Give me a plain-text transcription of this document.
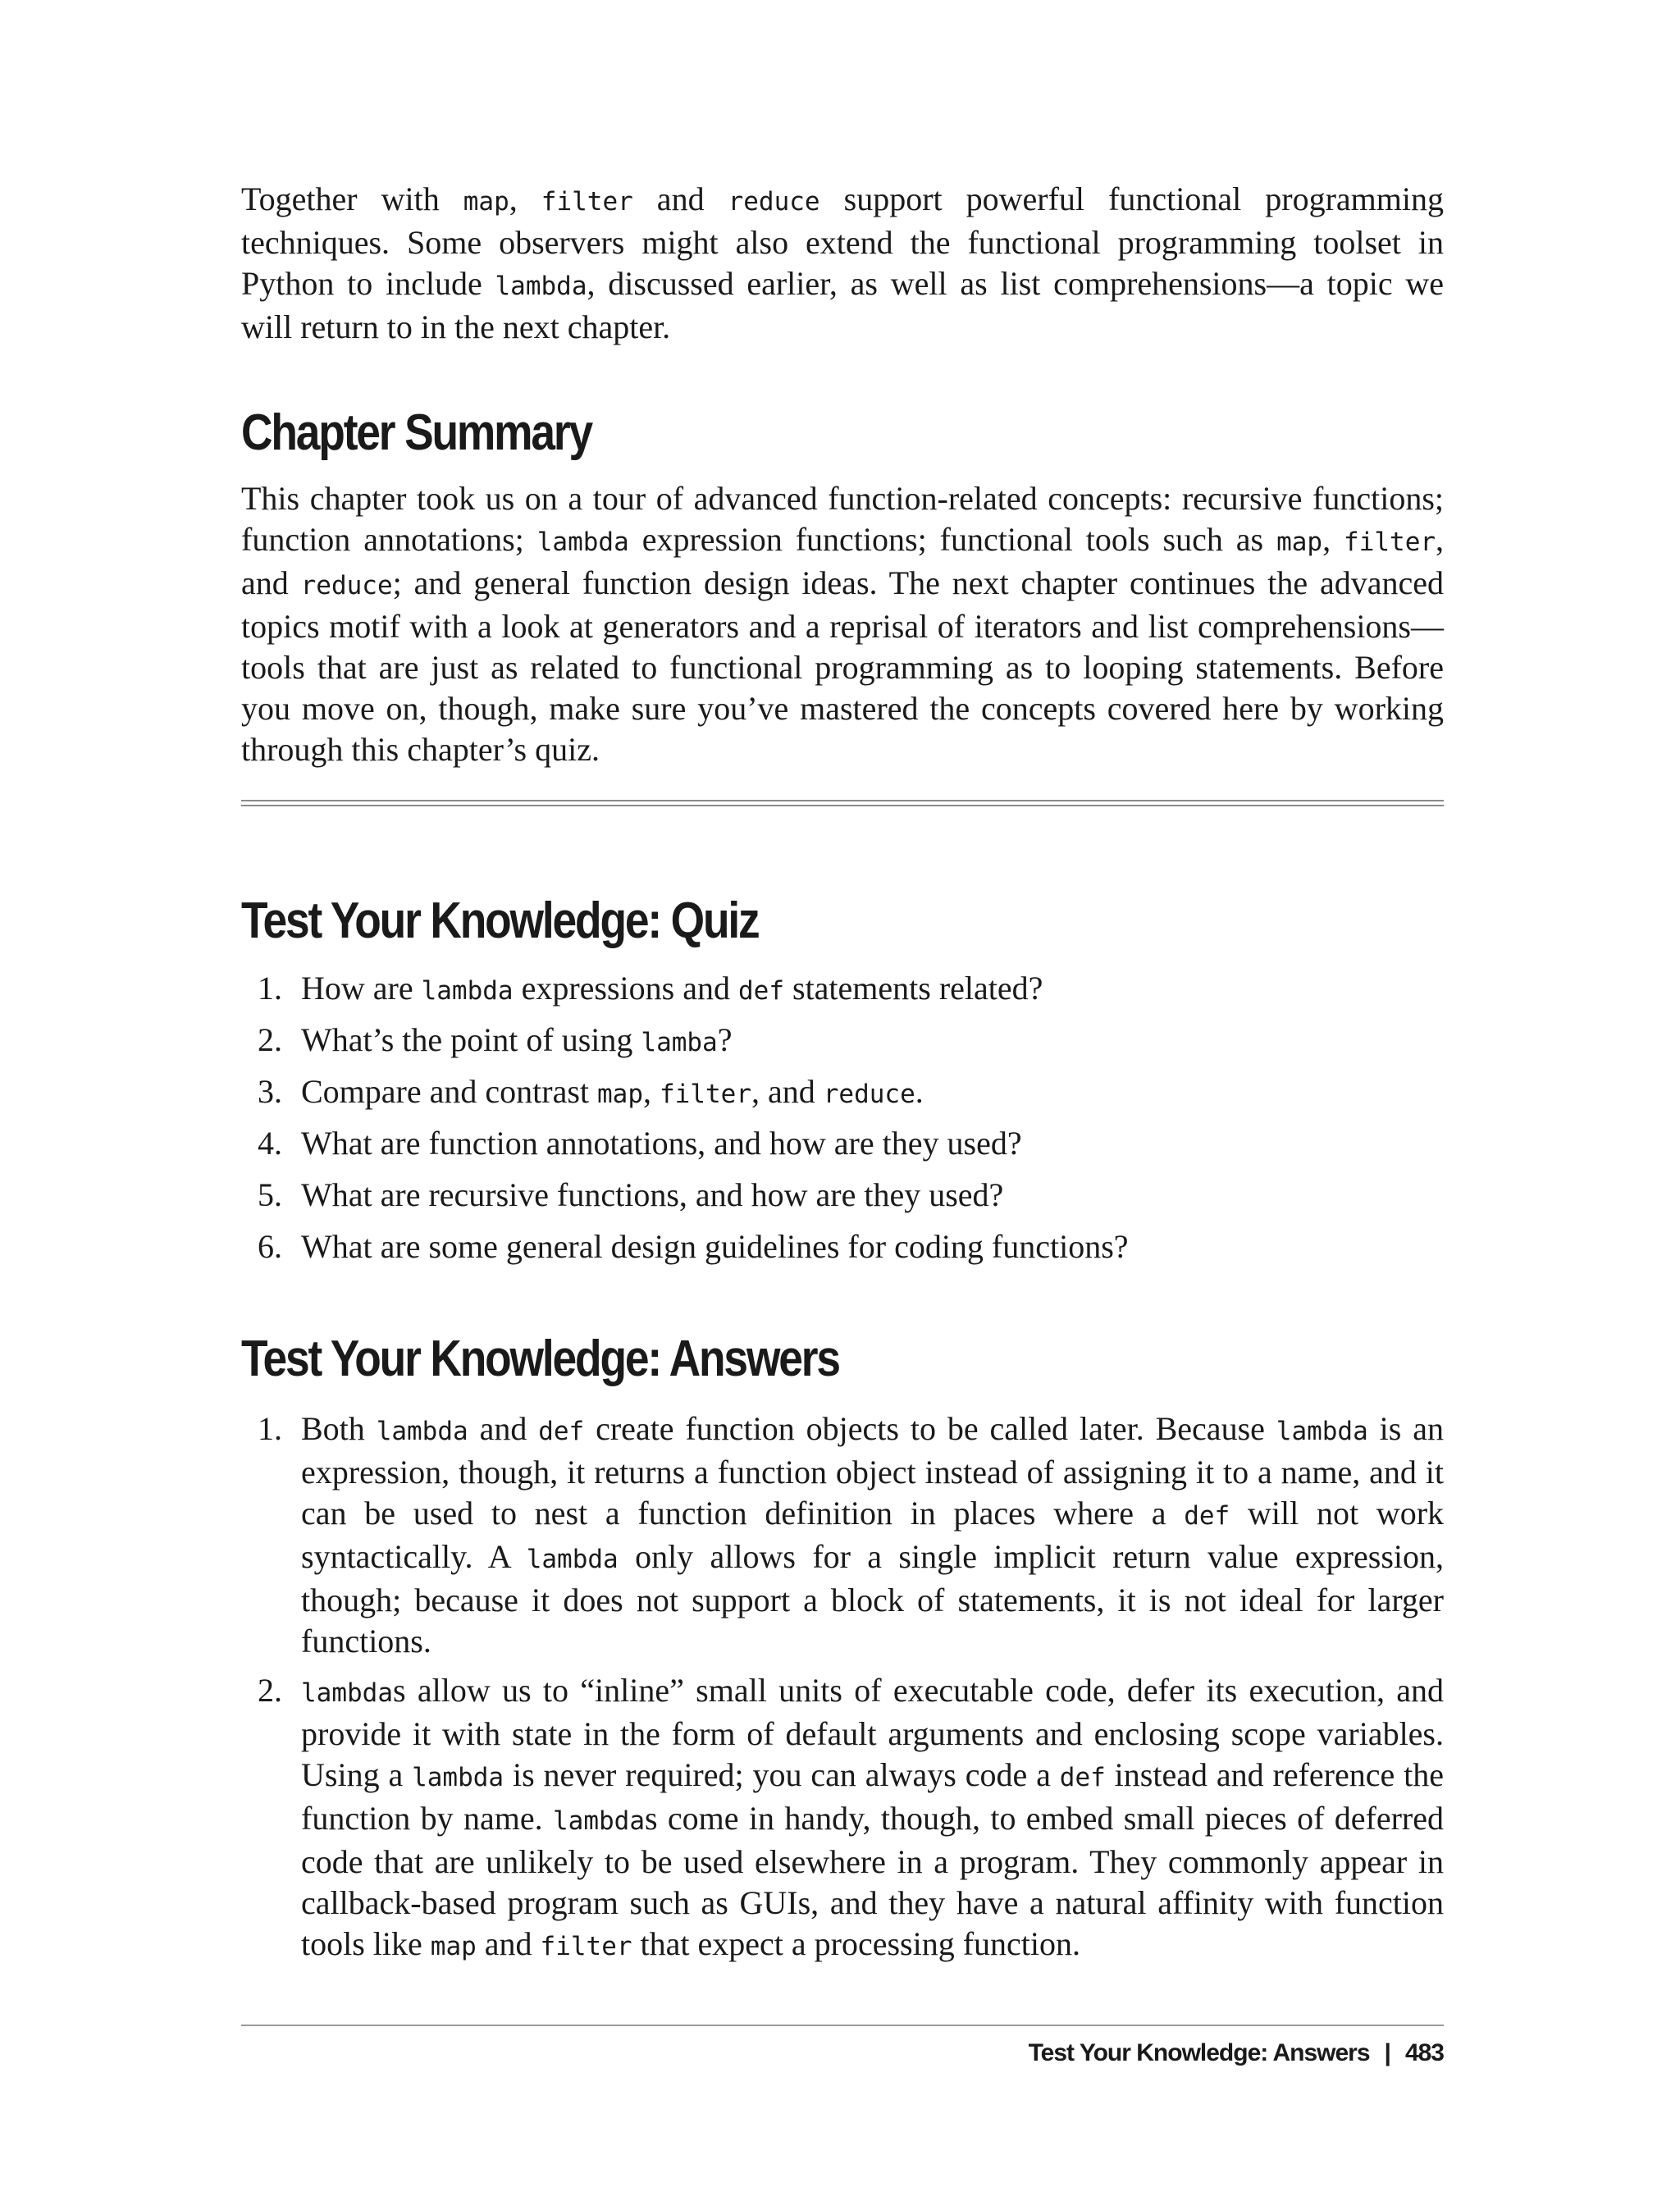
Together with map, filter and reduce support powerful functional programming techniques. Some observers might also extend the functional programming toolset in Python to include lambda, discussed earlier, as well as list comprehensions—a topic we will return to in the next chapter.

Chapter Summary

This chapter took us on a tour of advanced function-related concepts: recursive functions; function annotations; lambda expression functions; functional tools such as map, filter, and reduce; and general function design ideas. The next chapter continues the advanced topics motif with a look at generators and a reprisal of iterators and list comprehensions—tools that are just as related to functional programming as to looping statements. Before you move on, though, make sure you’ve mastered the concepts covered here by working through this chapter’s quiz.

Test Your Knowledge: Quiz
1. How are lambda expressions and def statements related?
2. What’s the point of using lamba?
3. Compare and contrast map, filter, and reduce.
4. What are function annotations, and how are they used?
5. What are recursive functions, and how are they used?
6. What are some general design guidelines for coding functions?
Test Your Knowledge: Answers
1. Both lambda and def create function objects to be called later. Because lambda is an expression, though, it returns a function object instead of assigning it to a name, and it can be used to nest a function definition in places where a def will not work syntactically. A lambda only allows for a single implicit return value expression, though; because it does not support a block of statements, it is not ideal for larger functions.
2. lambdas allow us to “inline” small units of executable code, defer its execution, and provide it with state in the form of default arguments and enclosing scope variables. Using a lambda is never required; you can always code a def instead and reference the function by name. lambdas come in handy, though, to embed small pieces of deferred code that are unlikely to be used elsewhere in a program. They commonly appear in callback-based program such as GUIs, and they have a natural affinity with function tools like map and filter that expect a processing function.
Test Your Knowledge: Answers | 483
